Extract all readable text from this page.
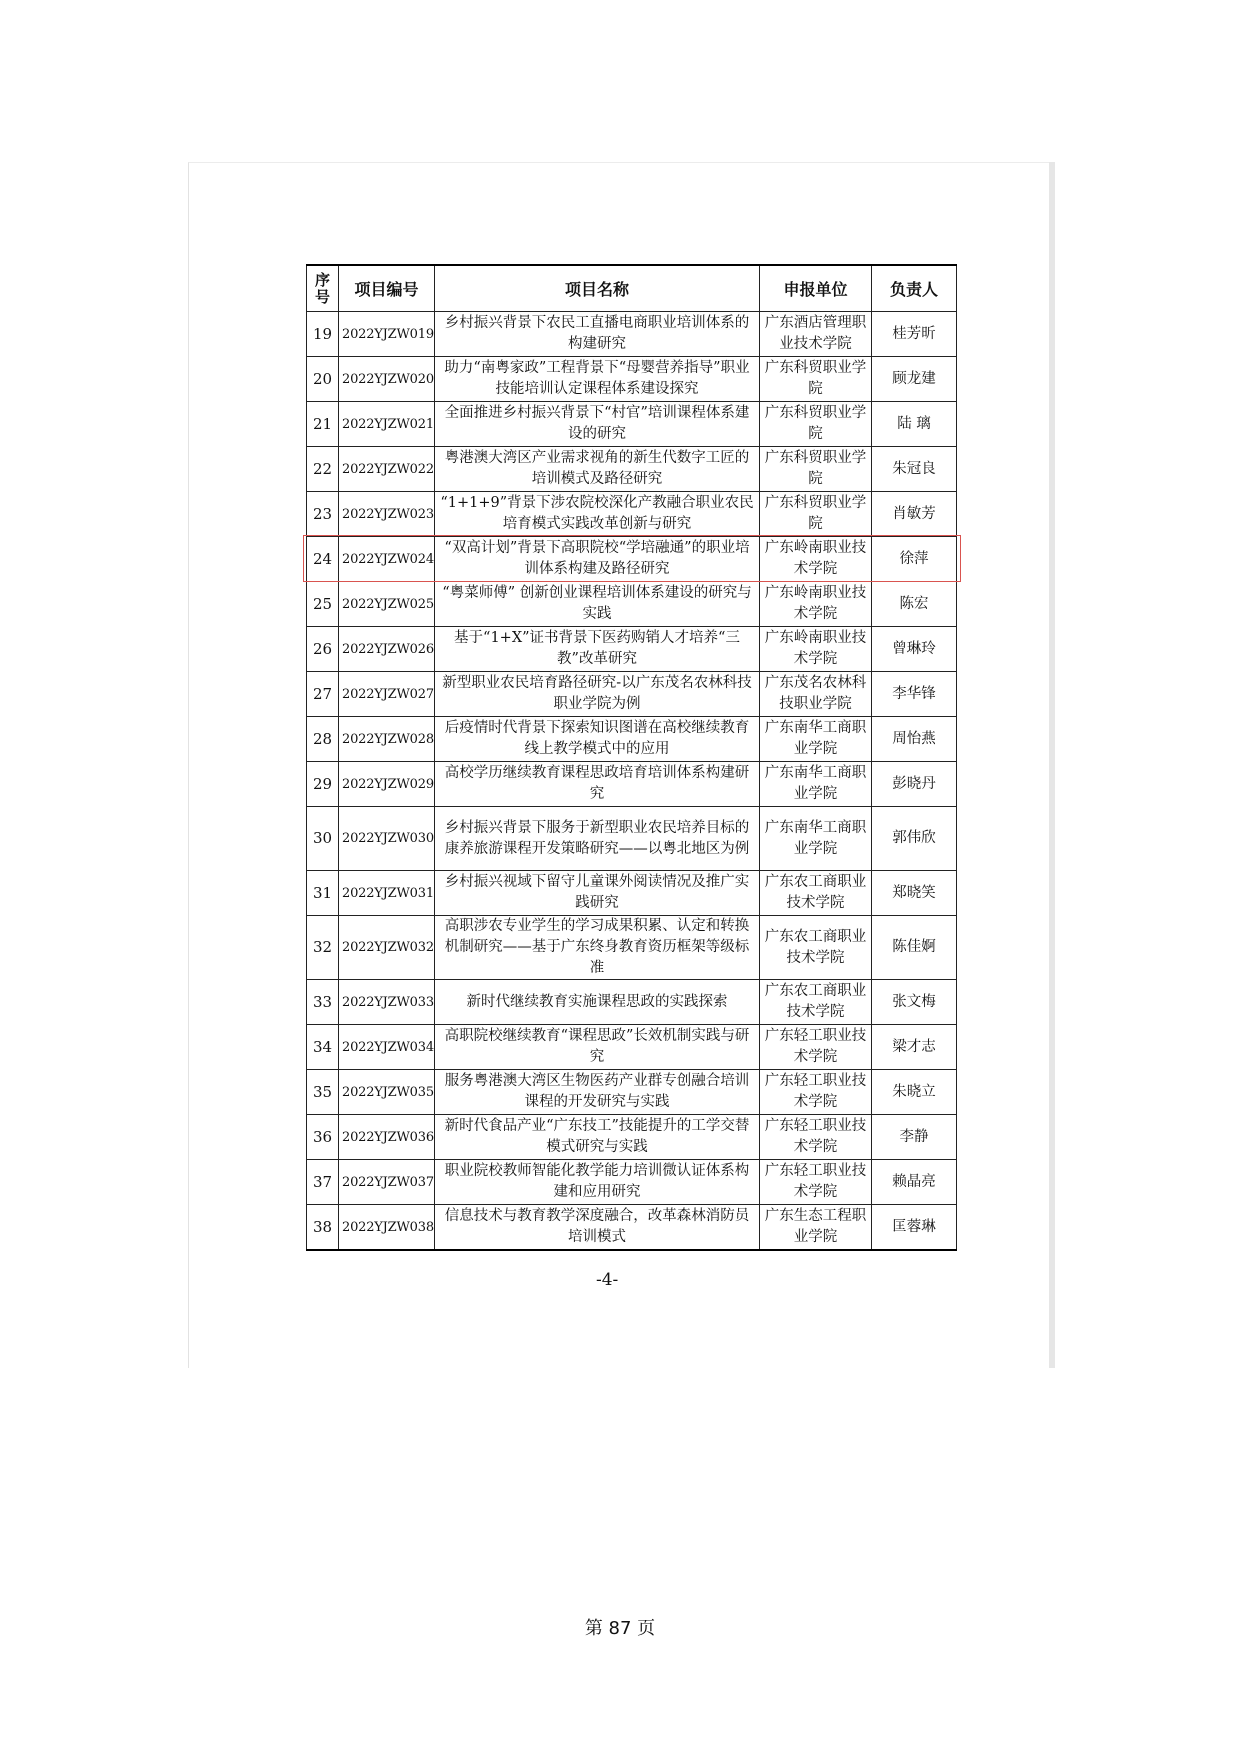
序号	项目编号	项目名称	申报单位	负责人
19	2022YJZW019	乡村振兴背景下农民工直播电商职业培训体系的构建研究	广东酒店管理职业技术学院	桂芳昕
20	2022YJZW020	助力“南粤家政”工程背景下“母婴营养指导”职业技能培训认定课程体系建设探究	广东科贸职业学院	顾龙建
21	2022YJZW021	全面推进乡村振兴背景下“村官”培训课程体系建设的研究	广东科贸职业学院	陆 璃
22	2022YJZW022	粤港澳大湾区产业需求视角的新生代数字工匠的培训模式及路径研究	广东科贸职业学院	朱冠良
23	2022YJZW023	“1+1+9”背景下涉农院校深化产教融合职业农民培育模式实践改革创新与研究	广东科贸职业学院	肖敏芳
24	2022YJZW024	“双高计划”背景下高职院校“学培融通”的职业培训体系构建及路径研究	广东岭南职业技术学院	徐萍
25	2022YJZW025	“粤菜师傅” 创新创业课程培训体系建设的研究与实践	广东岭南职业技术学院	陈宏
26	2022YJZW026	基于“1+X”证书背景下医药购销人才培养“三教”改革研究	广东岭南职业技术学院	曾琳玲
27	2022YJZW027	新型职业农民培育路径研究-以广东茂名农林科技职业学院为例	广东茂名农林科技职业学院	李华锋
28	2022YJZW028	后疫情时代背景下探索知识图谱在高校继续教育线上教学模式中的应用	广东南华工商职业学院	周怡燕
29	2022YJZW029	高校学历继续教育课程思政培育培训体系构建研究	广东南华工商职业学院	彭晓丹
30	2022YJZW030	乡村振兴背景下服务于新型职业农民培养目标的康养旅游课程开发策略研究——以粤北地区为例	广东南华工商职业学院	郭伟欣
31	2022YJZW031	乡村振兴视域下留守儿童课外阅读情况及推广实践研究	广东农工商职业技术学院	郑晓笑
32	2022YJZW032	高职涉农专业学生的学习成果积累、认定和转换机制研究——基于广东终身教育资历框架等级标准	广东农工商职业技术学院	陈佳婀
33	2022YJZW033	新时代继续教育实施课程思政的实践探索	广东农工商职业技术学院	张文梅
34	2022YJZW034	高职院校继续教育“课程思政”长效机制实践与研究	广东轻工职业技术学院	梁才志
35	2022YJZW035	服务粤港澳大湾区生物医药产业群专创融合培训课程的开发研究与实践	广东轻工职业技术学院	朱晓立
36	2022YJZW036	新时代食品产业“广东技工”技能提升的工学交替模式研究与实践	广东轻工职业技术学院	李静
37	2022YJZW037	职业院校教师智能化教学能力培训微认证体系构建和应用研究	广东轻工职业技术学院	赖晶亮
38	2022YJZW038	信息技术与教育教学深度融合，改革森林消防员培训模式	广东生态工程职业学院	匡蓉琳
-4-
第 87 页
